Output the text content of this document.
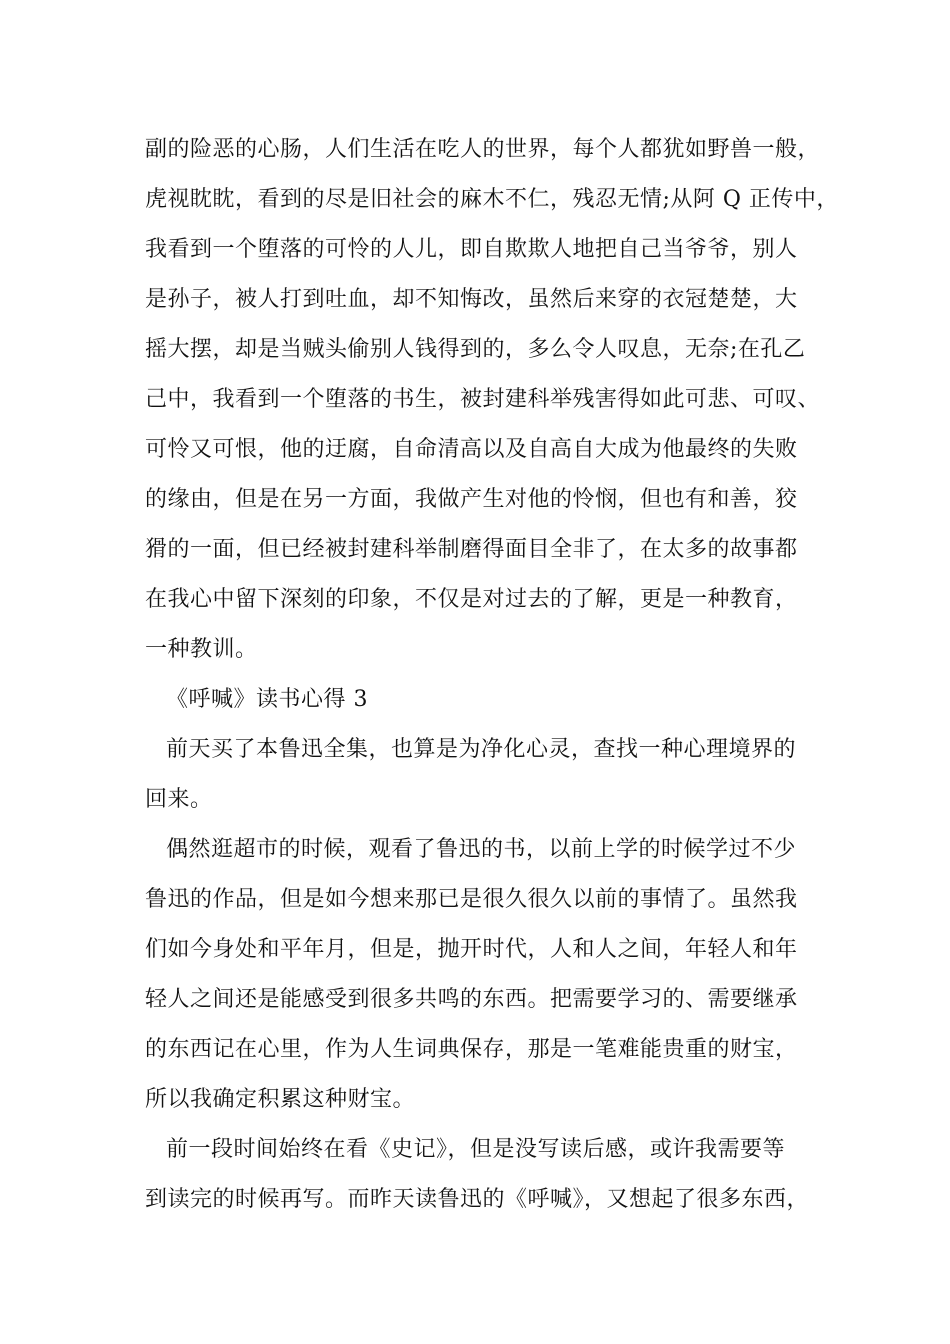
副的险恶的心肠，人们生活在吃人的世界，每个人都犹如野兽一般，
虎视眈眈，看到的尽是旧社会的麻木不仁，残忍无情;从阿 Q 正传中，
我看到一个堕落的可怜的人儿，即自欺欺人地把自己当爷爷，别人
是孙子，被人打到吐血，却不知悔改，虽然后来穿的衣冠楚楚，大
摇大摆，却是当贼头偷别人钱得到的，多么令人叹息，无奈;在孔乙
己中，我看到一个堕落的书生，被封建科举残害得如此可悲、可叹、
可怜又可恨，他的迂腐，自命清高以及自高自大成为他最终的失败
的缘由，但是在另一方面，我做产生对他的怜悯，但也有和善，狡
猾的一面，但已经被封建科举制磨得面目全非了，在太多的故事都
在我心中留下深刻的印象，不仅是对过去的了解，更是一种教育，
一种教训。
《呼喊》读书心得 3
前天买了本鲁迅全集，也算是为净化心灵，查找一种心理境界的
回来。
偶然逛超市的时候，观看了鲁迅的书，以前上学的时候学过不少
鲁迅的作品，但是如今想来那已是很久很久以前的事情了。虽然我
们如今身处和平年月，但是，抛开时代，人和人之间，年轻人和年
轻人之间还是能感受到很多共鸣的东西。把需要学习的、需要继承
的东西记在心里，作为人生词典保存，那是一笔难能贵重的财宝，
所以我确定积累这种财宝。
前一段时间始终在看《史记》，但是没写读后感，或许我需要等
到读完的时候再写。而昨天读鲁迅的《呼喊》，又想起了很多东西，
